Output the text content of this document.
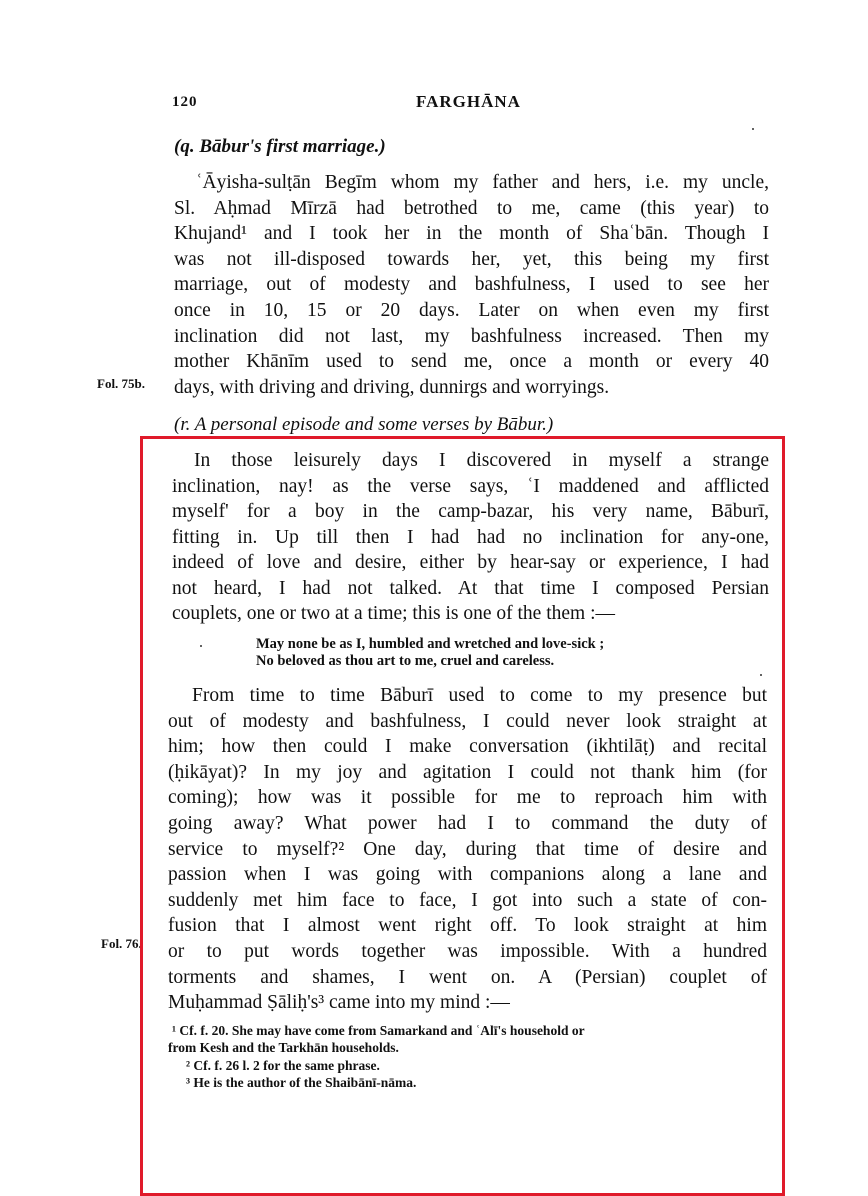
120	FARGHĀNA
(q. Bābur's first marriage.)
ʿĀyisha-sulṭān Begīm whom my father and hers, i.e. my uncle,
Sl. Aḥmad Mīrzā had betrothed to me, came (this year) to
Khujand¹ and I took her in the month of Shaʿbān. Though I
was not ill-disposed towards her, yet, this being my first
marriage, out of modesty and bashfulness, I used to see her
once in 10, 15 or 20 days. Later on when even my first
inclination did not last, my bashfulness increased. Then my
mother Khānīm used to send me, once a month or every 40
days, with driving and driving, dunnirgs and worryings.
Fol. 75b.
(r. A personal episode and some verses by Bābur.)
In those leisurely days I discovered in myself a strange
inclination, nay! as the verse says, ʿI maddened and afflicted
myself' for a boy in the camp-bazar, his very name, Bāburī,
fitting in. Up till then I had had no inclination for any-one,
indeed of love and desire, either by hear-say or experience, I had
not heard, I had not talked. At that time I composed Persian
couplets, one or two at a time; this is one of the them :—
May none be as I, humbled and wretched and love-sick ;
No beloved as thou art to me, cruel and careless.
From time to time Bāburī used to come to my presence but
out of modesty and bashfulness, I could never look straight at
him; how then could I make conversation (ikhtilāṭ) and recital
(ḥikāyat)? In my joy and agitation I could not thank him (for
coming); how was it possible for me to reproach him with
going away? What power had I to command the duty of
service to myself?² One day, during that time of desire and
passion when I was going with companions along a lane and
suddenly met him face to face, I got into such a state of con-
fusion that I almost went right off. To look straight at him
or to put words together was impossible. With a hundred
torments and shames, I went on. A (Persian) couplet of
Muḥammad Ṣāliḥ's³ came into my mind :—
Fol. 76.
¹ Cf. f. 20. She may have come from Samarkand and ʿAlī's household or
from Kesh and the Tarkhān households.
² Cf. f. 26 l. 2 for the same phrase.
³ He is the author of the Shaibānī-nāma.
